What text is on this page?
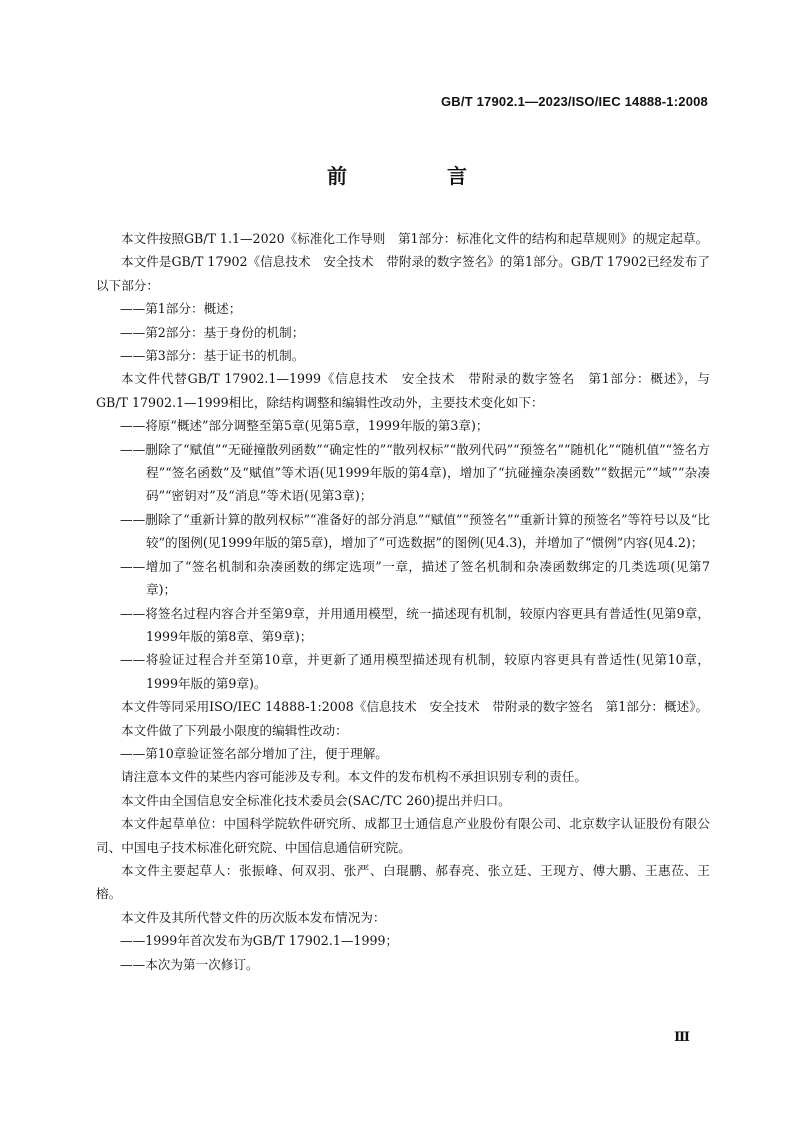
GB/T 17902.1—2023/ISO/IEC 14888-1:2008
前　言

本文件按照GB/T 1.1—2020《标准化工作导则　第1部分：标准化文件的结构和起草规则》的规定起草。

本文件是GB/T 17902《信息技术　安全技术　带附录的数字签名》的第1部分。GB/T 17902已经发布了以下部分：

——第1部分：概述；

——第2部分：基于身份的机制；

——第3部分：基于证书的机制。

本文件代替GB/T 17902.1—1999《信息技术　安全技术　带附录的数字签名　第1部分：概述》，与GB/T 17902.1—1999相比，除结构调整和编辑性改动外，主要技术变化如下：

——将原“概述”部分调整至第5章(见第5章，1999年版的第3章)；

——删除了“赋值”“无碰撞散列函数”“确定性的”“散列权标”“散列代码”“预签名”“随机化”“随机值”“签名方程”“签名函数”及“赋值”等术语(见1999年版的第4章)，增加了“抗碰撞杂凑函数”“数据元”“域”“杂凑码”“密钥对”及“消息”等术语(见第3章)；

——删除了“重新计算的散列权标”“准备好的部分消息”“赋值”“预签名”“重新计算的预签名”等符号以及“比较”的图例(见1999年版的第5章)，增加了“可选数据”的图例(见4.3)，并增加了“惯例”内容(见4.2)；

——增加了“签名机制和杂凑函数的绑定选项”一章，描述了签名机制和杂凑函数绑定的几类选项(见第7章)；

——将签名过程内容合并至第9章，并用通用模型，统一描述现有机制，较原内容更具有普适性(见第9章，1999年版的第8章、第9章)；

——将验证过程合并至第10章，并更新了通用模型描述现有机制，较原内容更具有普适性(见第10章，1999年版的第9章)。

本文件等同采用ISO/IEC 14888-1:2008《信息技术　安全技术　带附录的数字签名　第1部分：概述》。

本文件做了下列最小限度的编辑性改动：

——第10章验证签名部分增加了注，便于理解。

请注意本文件的某些内容可能涉及专利。本文件的发布机构不承担识别专利的责任。

本文件由全国信息安全标准化技术委员会(SAC/TC 260)提出并归口。

本文件起草单位：中国科学院软件研究所、成都卫士通信息产业股份有限公司、北京数字认证股份有限公司、中国电子技术标准化研究院、中国信息通信研究院。

本文件主要起草人：张振峰、何双羽、张严、白琨鹏、郝春亮、张立廷、王现方、傅大鹏、王惠莅、王榕。

本文件及其所代替文件的历次版本发布情况为：

——1999年首次发布为GB/T 17902.1—1999；

——本次为第一次修订。

Ⅲ
